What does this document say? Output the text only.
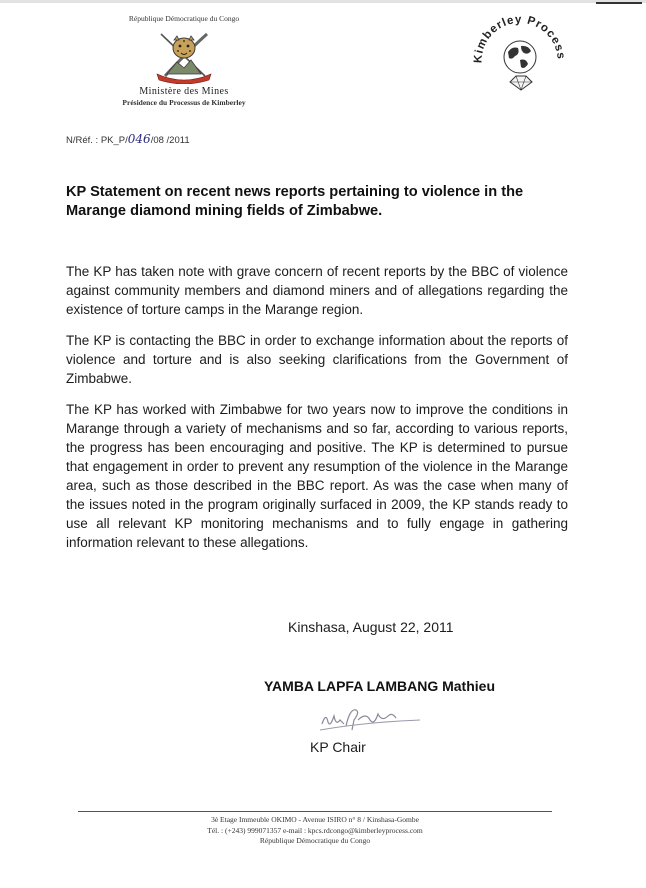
République Démocratique du Congo
Ministère des Mines
Présidence du Processus de Kimberley
Kimberley Process
N/Réf. : PK_P/046/08 /2011
KP Statement on recent news reports pertaining to violence in the Marange diamond mining fields of Zimbabwe.

The KP has taken note with grave concern of recent reports by the BBC of violence against community members and diamond miners and of allegations regarding the existence of torture camps in the Marange region.

The KP is contacting the BBC in order to exchange information about the reports of violence and torture and is also seeking clarifications from the Government of Zimbabwe.

The KP has worked with Zimbabwe for two years now to improve the conditions in Marange through a variety of mechanisms and so far, according to various reports, the progress has been encouraging and positive. The KP is determined to pursue that engagement in order to prevent any resumption of the violence in the Marange area, such as those described in the BBC report. As was the case when many of the issues noted in the program originally surfaced in 2009, the KP stands ready to use all relevant KP monitoring mechanisms and to fully engage in gathering information relevant to these allegations.

Kinshasa, August 22, 2011
YAMBA LAPFA LAMBANG Mathieu
KP Chair
3è Etage Immeuble OKIMO - Avenue ISIRO n° 8 / Kinshasa-Gombe
Tél. : (+243) 999071357 e-mail : kpcs.rdcongo@kimberleyprocess.com
République Démocratique du Congo
